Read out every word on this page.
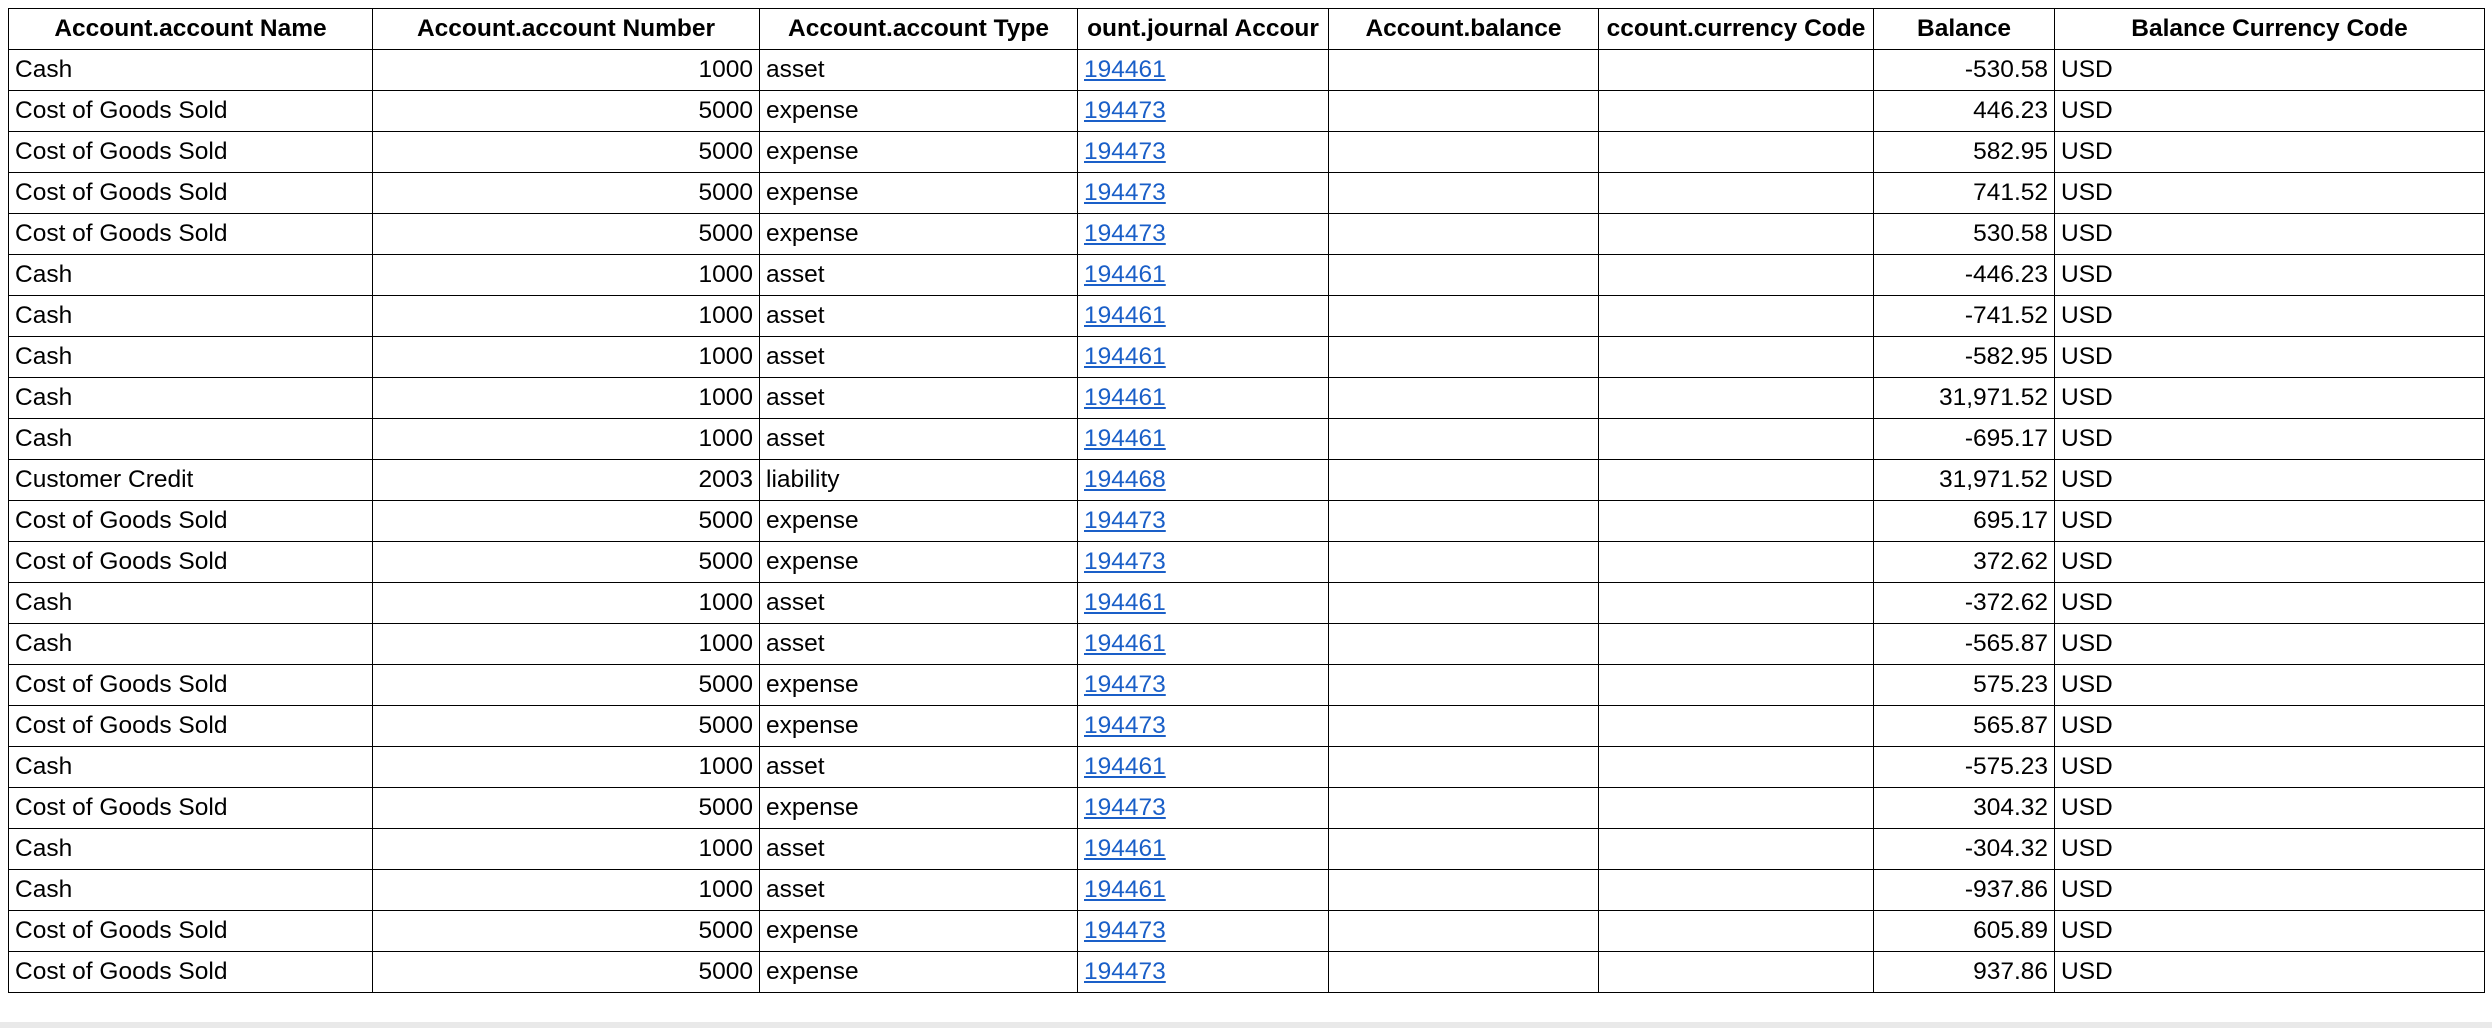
Account.account Name	Account.account Number	Account.account Type	ount.journal Accour	Account.balance	ccount.currency Code	Balance	Balance Currency Code
Cash	1000	asset	194461			-530.58	USD
Cost of Goods Sold	5000	expense	194473			446.23	USD
Cost of Goods Sold	5000	expense	194473			582.95	USD
Cost of Goods Sold	5000	expense	194473			741.52	USD
Cost of Goods Sold	5000	expense	194473			530.58	USD
Cash	1000	asset	194461			-446.23	USD
Cash	1000	asset	194461			-741.52	USD
Cash	1000	asset	194461			-582.95	USD
Cash	1000	asset	194461			31,971.52	USD
Cash	1000	asset	194461			-695.17	USD
Customer Credit	2003	liability	194468			31,971.52	USD
Cost of Goods Sold	5000	expense	194473			695.17	USD
Cost of Goods Sold	5000	expense	194473			372.62	USD
Cash	1000	asset	194461			-372.62	USD
Cash	1000	asset	194461			-565.87	USD
Cost of Goods Sold	5000	expense	194473			575.23	USD
Cost of Goods Sold	5000	expense	194473			565.87	USD
Cash	1000	asset	194461			-575.23	USD
Cost of Goods Sold	5000	expense	194473			304.32	USD
Cash	1000	asset	194461			-304.32	USD
Cash	1000	asset	194461			-937.86	USD
Cost of Goods Sold	5000	expense	194473			605.89	USD
Cost of Goods Sold	5000	expense	194473			937.86	USD
